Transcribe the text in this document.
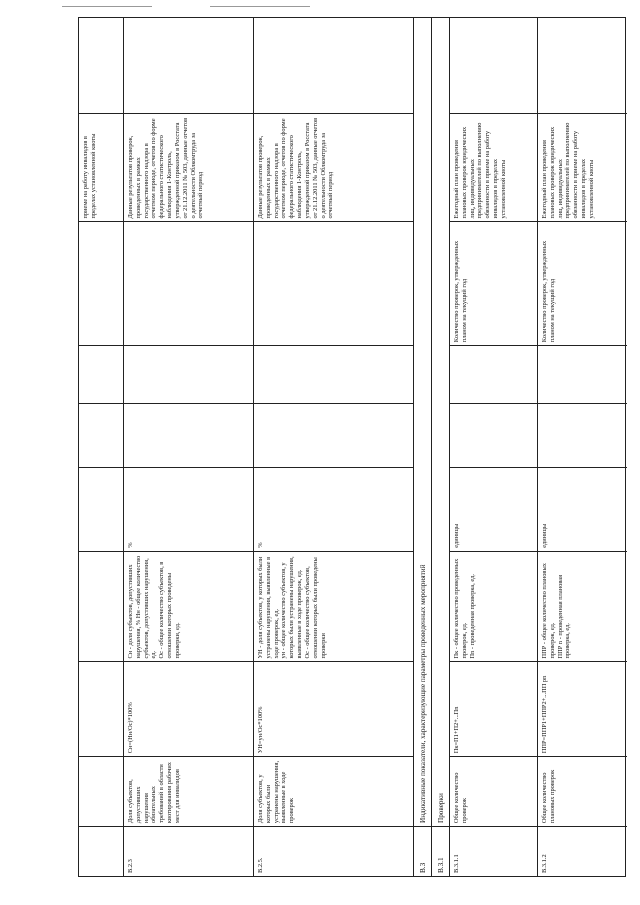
приеме на работу инвалидов в пределах установленной квоты
В.2.3
Доля субъектов, допустивших нарушения обязательных требований в области квотирования рабочих мест для инвалидов
Сн=(Нн/Ос)*100%
Сн - доля субъектов, допустивших нарушения, % Нн - общее количество субъектов, допустивших нарушения, ед.
Ос - общее количество субъектов, в отношении которых проведены проверки, ед.
%
Данные результатов проверок, проведенных в рамках государственного надзора в отчетном периоде, отчетов по форме федерального статистического наблюдения 1-Контроль, утвержденной приказом в Росстата от 21.12.2011 № 503, данные отчетов о деятельности Облкомтруда за отчетный период
В.2.5.
Доля субъектов, у которых были устранены нарушения, выявленные в ходе проверок
УН=ун/Ос*100%
УН - доля субъектов, у которых были устранены нарушения, выявленные в ходе проверок, ед.
ун - общее количество субъектов, у которых были устранены нарушения, выявленные в ходе проверок, ед.
Ос - общее количество субъектов, отношении которых были проведены проверки
%
Данные результатов проверок, проведенных в рамках государственного надзора в отчетном периоде, отчетов по форме федерального статистического наблюдения 1-Контроль, утвержденной приказом в Росстата от 21.12.2011 № 503, данные отчетов о деятельности Облкомтруда за отчетный период
В.3
Индикативные показатели, характеризующие параметры проведенных мероприятий
В.3.1
Проверки
В.3.1.1
Общее количество проверок
Пк=П1+П2+...Пn
Пк - общее количество проведенных проверок, ед.
Пn - проведенная проверка, ед.
единицы
Количество проверок, утвержденных планом на текущий год
Ежегодный план проведения плановых проверок юридических лиц, индивидуальных предпринимателей по выполнению обязанности в приеме на работу инвалидов в пределах установленной квоты
В.3.1.2
Общее количество плановых проверок
ППР=ППР1+ППР2+...ПП рn
ППР - общее количество плановых проверок, ед.
ППР n - проведенная плановая проверка, ед.
единицы
Количество проверок, утвержденных планом на текущий год
Ежегодный план проведения плановых проверок юридических лиц, индивидуальных предпринимателей по выполнению обязанности в приеме на работу инвалидов в пределах установленной квоты
